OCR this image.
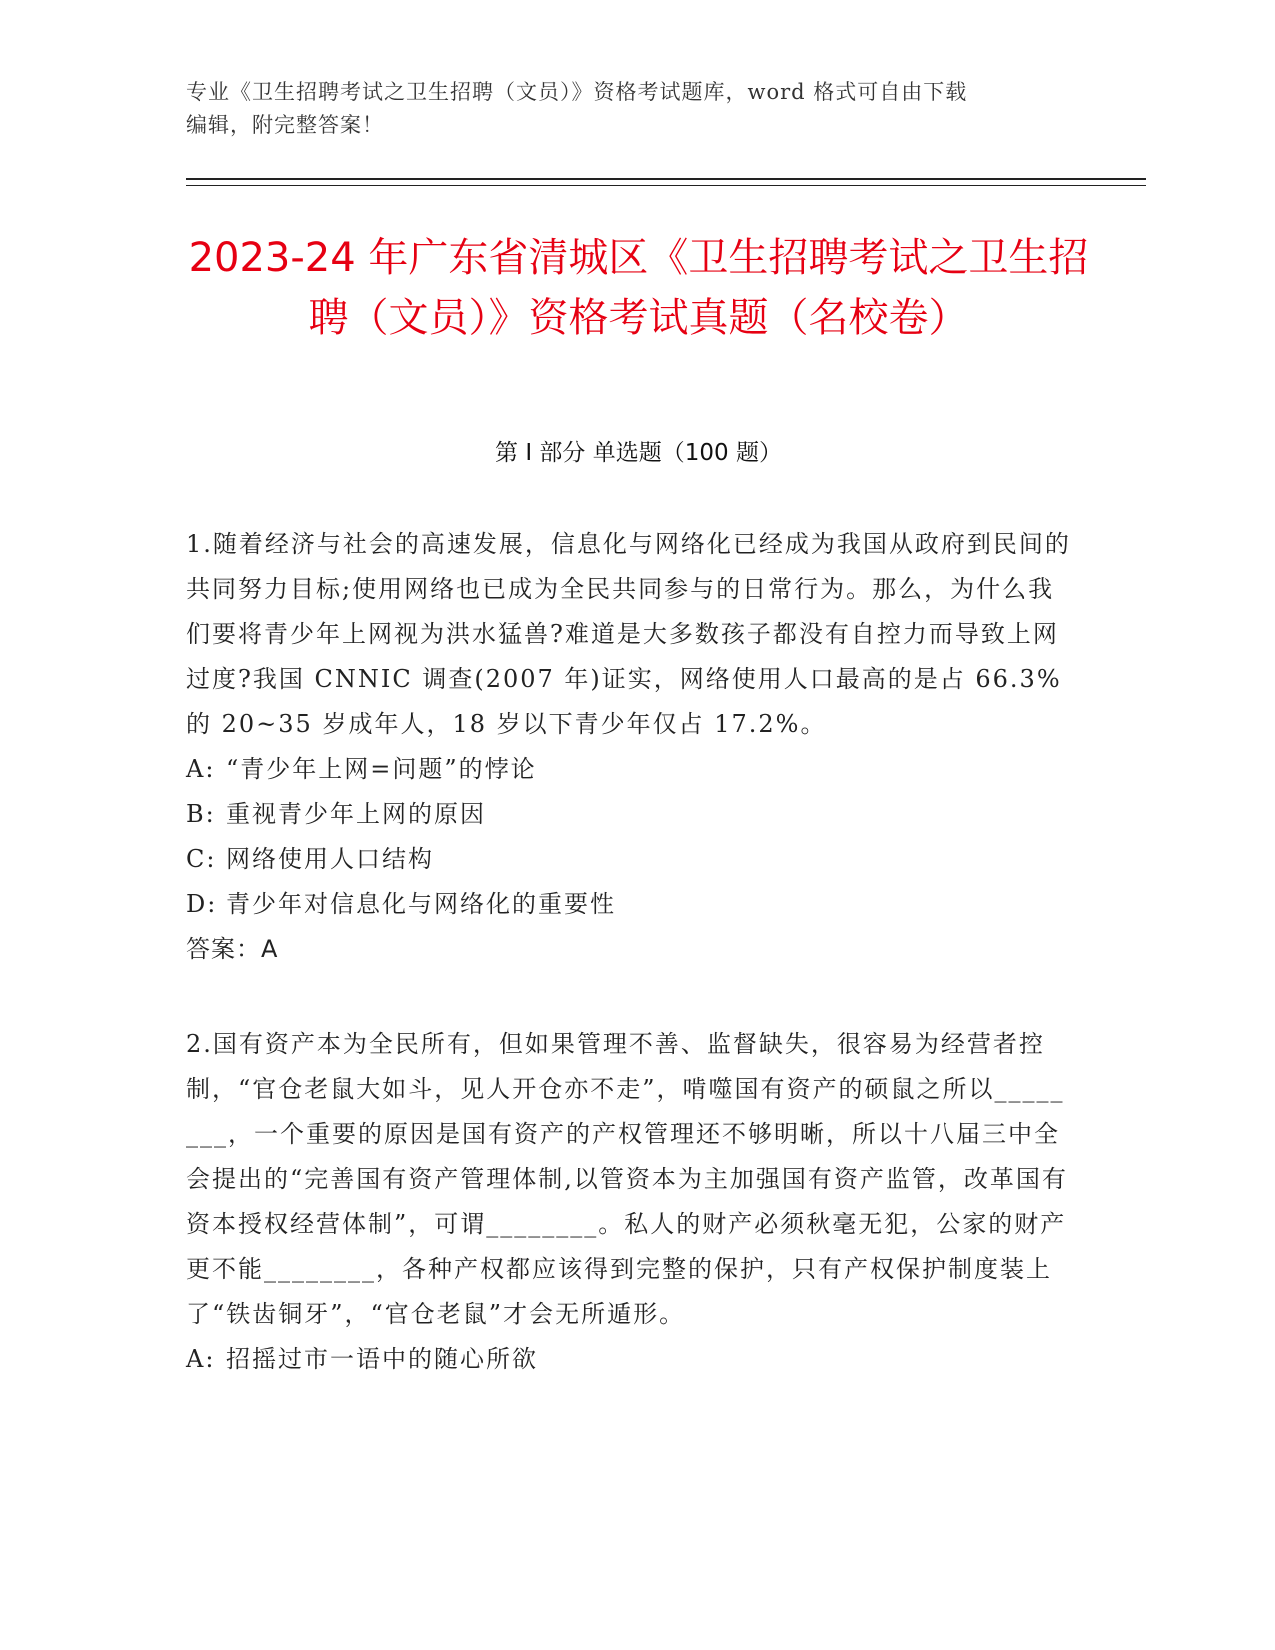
专业《卫生招聘考试之卫生招聘（文员）》资格考试题库，word 格式可自由下载
编辑，附完整答案！
2023-24 年广东省清城区《卫生招聘考试之卫生招聘（文员）》资格考试真题（名校卷）
第 I 部分 单选题（100 题）

1.随着经济与社会的高速发展，信息化与网络化已经成为我国从政府到民间的共同努力目标;使用网络也已成为全民共同参与的日常行为。那么，为什么我们要将青少年上网视为洪水猛兽?难道是大多数孩子都没有自控力而导致上网过度?我国 CNNIC 调查(2007 年)证实，网络使用人口最高的是占 66.3%的 20~35 岁成年人，18 岁以下青少年仅占 17.2%。

A: “青少年上网=问题”的悖论

B: 重视青少年上网的原因

C: 网络使用人口结构

D: 青少年对信息化与网络化的重要性

答案：A

2.国有资产本为全民所有，但如果管理不善、监督缺失，很容易为经营者控制，“官仓老鼠大如斗，见人开仓亦不走”，啃噬国有资产的硕鼠之所以________，一个重要的原因是国有资产的产权管理还不够明晰，所以十八届三中全会提出的“完善国有资产管理体制,以管资本为主加强国有资产监管，改革国有资本授权经营体制”，可谓________。私人的财产必须秋毫无犯，公家的财产更不能________，各种产权都应该得到完整的保护，只有产权保护制度装上了“铁齿铜牙”，“官仓老鼠”才会无所遁形。

A: 招摇过市一语中的随心所欲
